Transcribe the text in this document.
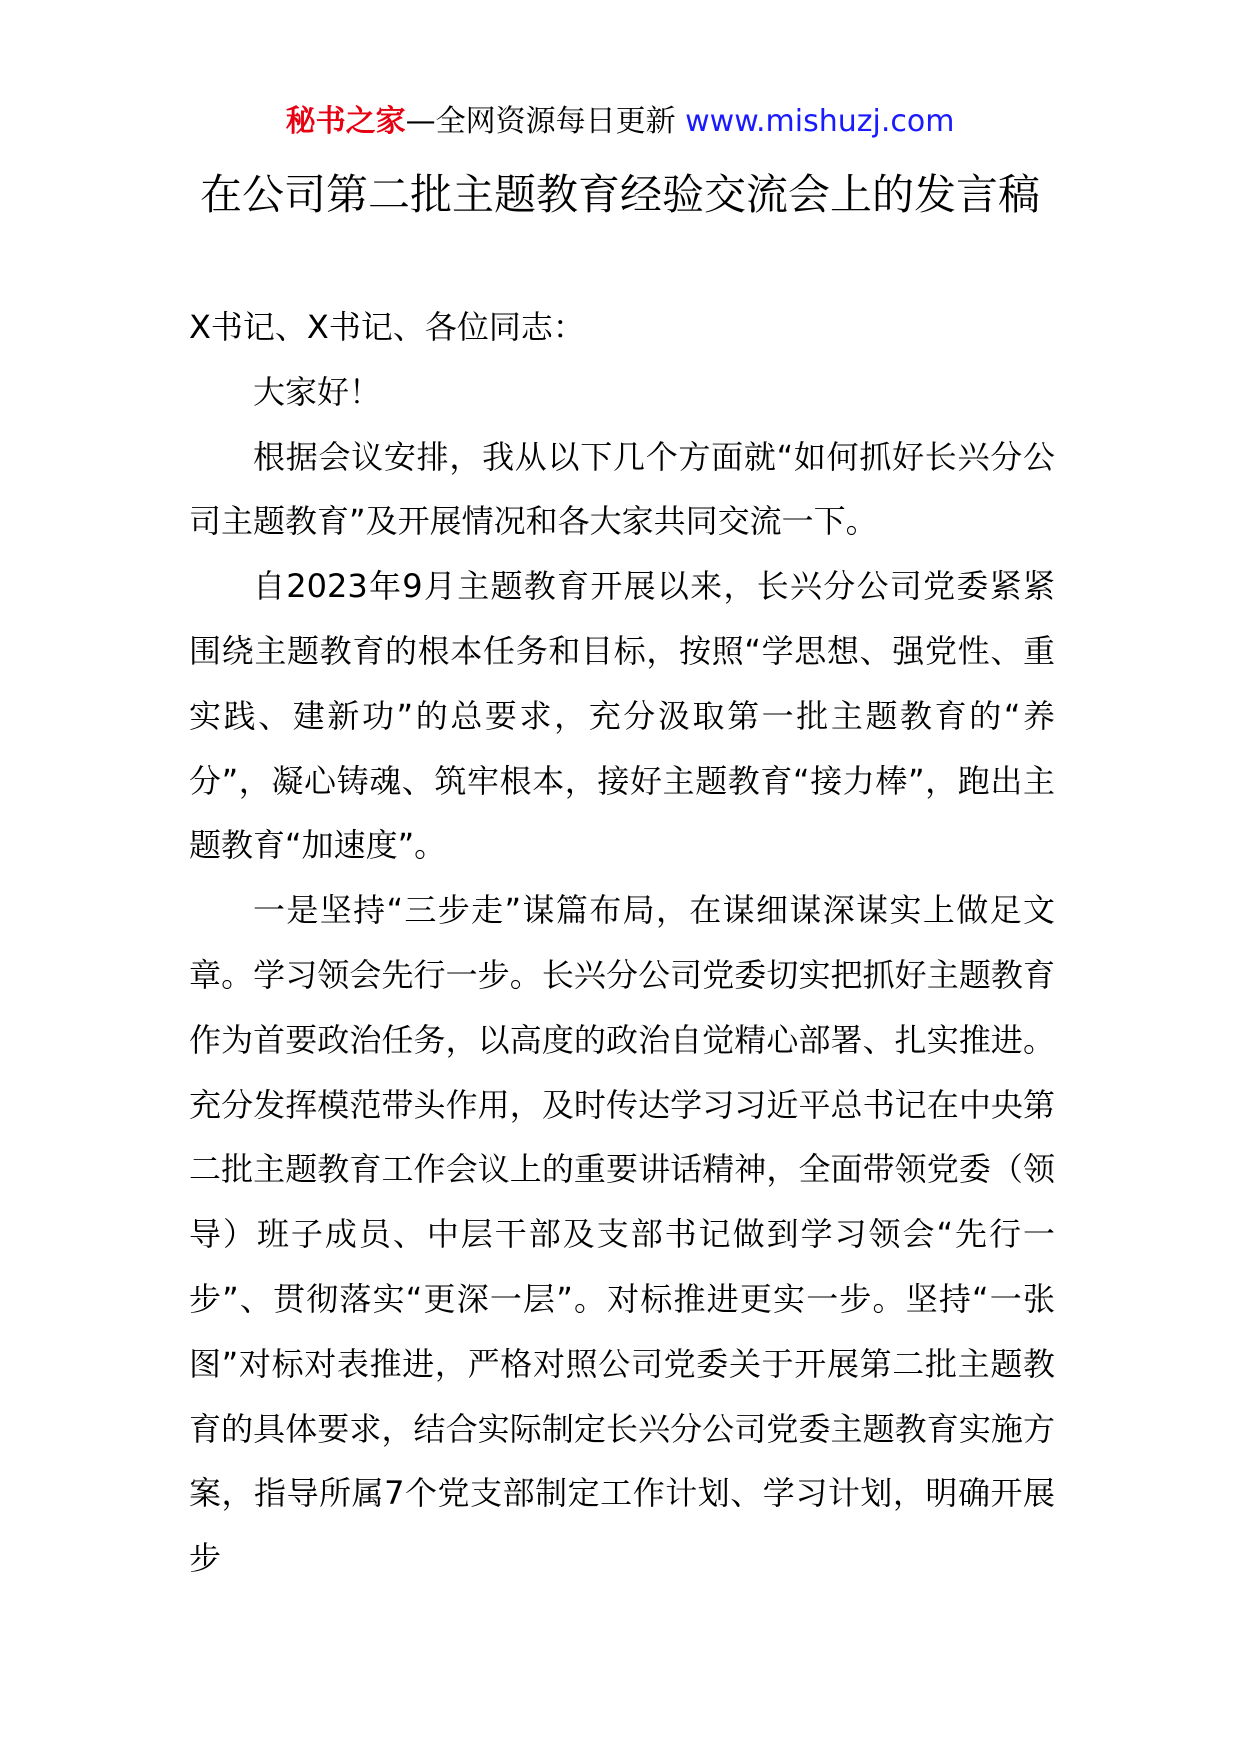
秘书之家—全网资源每日更新 www.mishuzj.com
在公司第二批主题教育经验交流会上的发言稿

X书记、X书记、各位同志：

大家好！

根据会议安排，我从以下几个方面就“如何抓好长兴分公司主题教育”及开展情况和各大家共同交流一下。

自2023年9月主题教育开展以来，长兴分公司党委紧紧围绕主题教育的根本任务和目标，按照“学思想、强党性、重实践、建新功”的总要求，充分汲取第一批主题教育的“养分”，凝心铸魂、筑牢根本，接好主题教育“接力棒”，跑出主题教育“加速度”。

一是坚持“三步走”谋篇布局，在谋细谋深谋实上做足文章。学习领会先行一步。长兴分公司党委切实把抓好主题教育作为首要政治任务，以高度的政治自觉精心部署、扎实推进。充分发挥模范带头作用，及时传达学习习近平总书记在中央第二批主题教育工作会议上的重要讲话精神，全面带领党委（领导）班子成员、中层干部及支部书记做到学习领会“先行一步”、贯彻落实“更深一层”。对标推进更实一步。坚持“一张图”对标对表推进，严格对照公司党委关于开展第二批主题教育的具体要求，结合实际制定长兴分公司党委主题教育实施方案，指导所属7个党支部制定工作计划、学习计划，明确开展步
